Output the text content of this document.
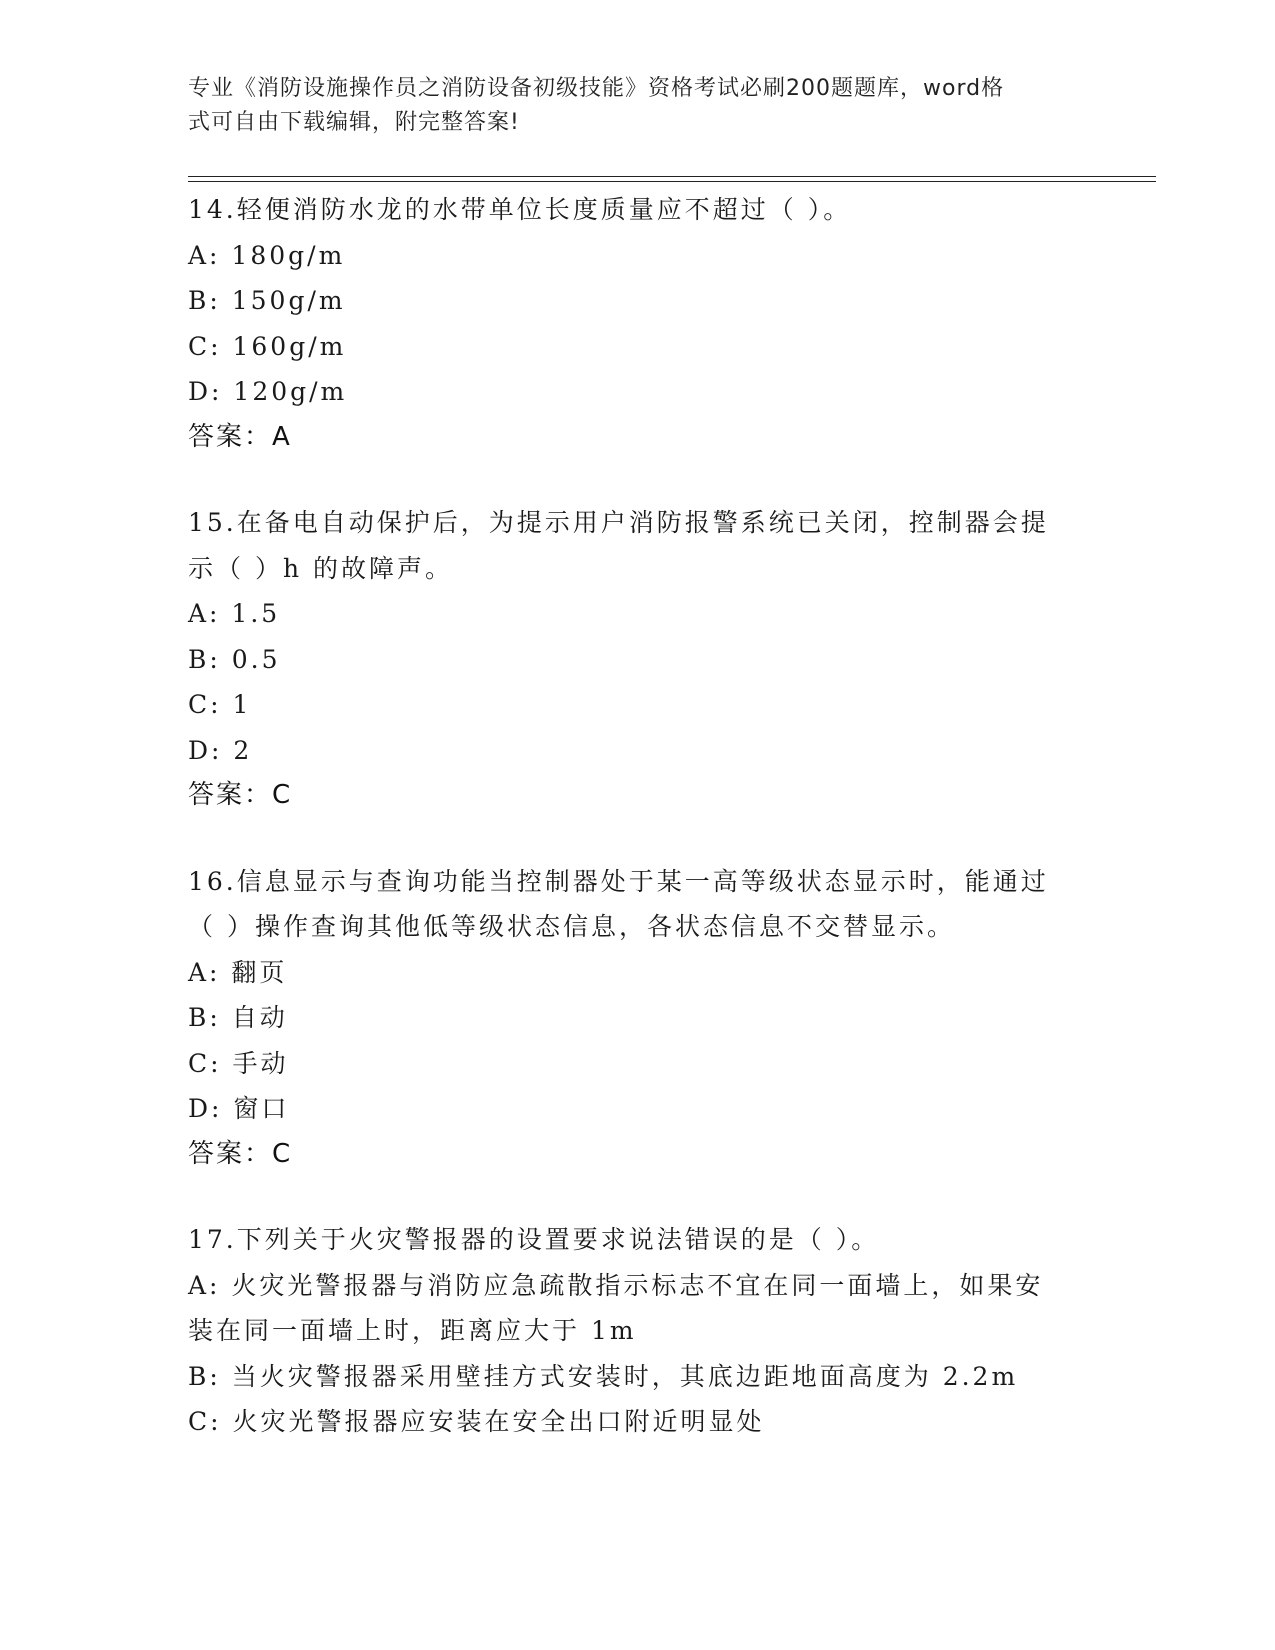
专业《消防设施操作员之消防设备初级技能》资格考试必刷200题题库，word格
式可自由下载编辑，附完整答案!
14.轻便消防水龙的水带单位长度质量应不超过（ ）。
A: 180g/m
B: 150g/m
C: 160g/m
D: 120g/m
答案：A
15.在备电自动保护后，为提示用户消防报警系统已关闭，控制器会提
示（ ）h 的故障声。
A: 1.5
B: 0.5
C: 1
D: 2
答案：C
16.信息显示与查询功能当控制器处于某一高等级状态显示时，能通过
（ ）操作查询其他低等级状态信息，各状态信息不交替显示。
A: 翻页
B: 自动
C: 手动
D: 窗口
答案：C
17.下列关于火灾警报器的设置要求说法错误的是（ ）。
A: 火灾光警报器与消防应急疏散指示标志不宜在同一面墙上，如果安
装在同一面墙上时，距离应大于 1m
B: 当火灾警报器采用壁挂方式安装时，其底边距地面高度为 2.2m
C: 火灾光警报器应安装在安全出口附近明显处
